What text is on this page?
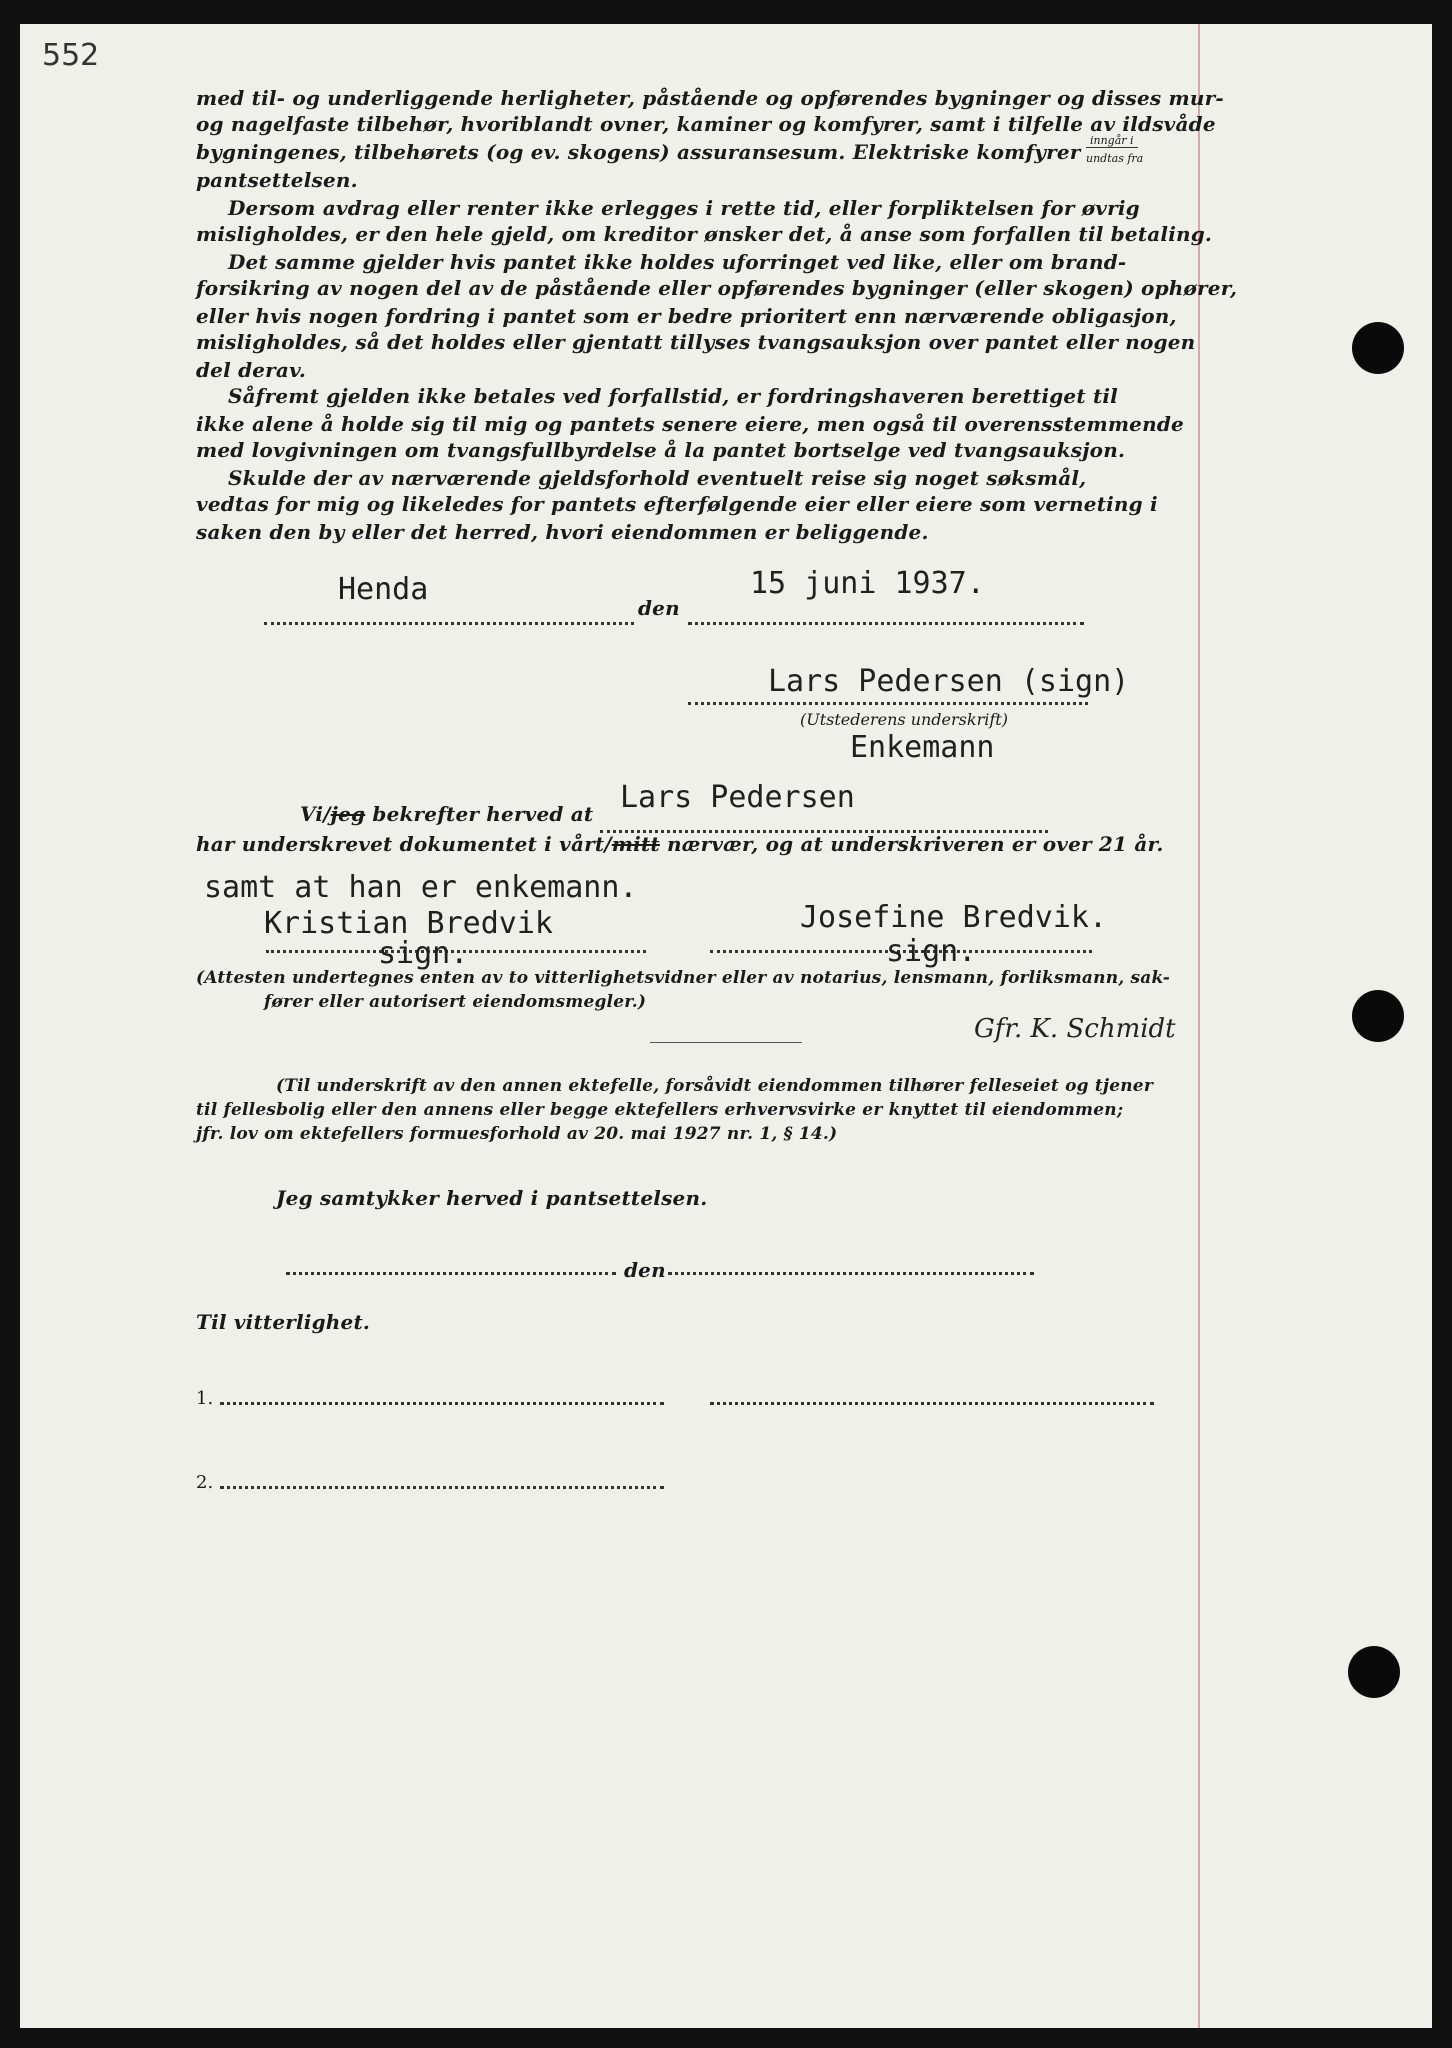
552
med til- og underliggende herligheter, påstående og opførendes bygninger og disses mur-
og nagelfaste tilbehør, hvoriblandt ovner, kaminer og komfyrer, samt i tilfelle av ildsvåde
bygningenes, tilbehørets (og ev. skogens) assuransesum. Elektriske komfyrer inngår i
undtas fra
pantsettelsen.
Dersom avdrag eller renter ikke erlegges i rette tid, eller forpliktelsen for øvrig
misligholdes, er den hele gjeld, om kreditor ønsker det, å anse som forfallen til betaling.
Det samme gjelder hvis pantet ikke holdes uforringet ved like, eller om brand-
forsikring av nogen del av de påstående eller opførendes bygninger (eller skogen) ophører,
eller hvis nogen fordring i pantet som er bedre prioritert enn nærværende obligasjon,
misligholdes, så det holdes eller gjentatt tillyses tvangsauksjon over pantet eller nogen
del derav.
Såfremt gjelden ikke betales ved forfallstid, er fordringshaveren berettiget til
ikke alene å holde sig til mig og pantets senere eiere, men også til overensstemmende
med lovgivningen om tvangsfullbyrdelse å la pantet bortselge ved tvangsauksjon.
Skulde der av nærværende gjeldsforhold eventuelt reise sig noget søksmål,
vedtas for mig og likeledes for pantets efterfølgende eier eller eiere som verneting i
saken den by eller det herred, hvori eiendommen er beliggende.
Henda
den
15 juni 1937.
Lars Pedersen (sign)
(Utstederens underskrift)
Enkemann
Vi/jeg bekrefter herved at Lars Pedersen
har underskrevet dokumentet i vårt/mitt nærvær, og at underskriveren er over 21 år.
samt at han er enkemann.
Kristian Bredvik
sign.
Josefine Bredvik.
sign.
(Attesten undertegnes enten av to vitterlighetsvidner eller av notarius, lensmann, forliksmann, sak-
fører eller autorisert eiendomsmegler.)
Gfr. K. Schmidt
(Til underskrift av den annen ektefelle, forsåvidt eiendommen tilhører felleseiet og tjener
til fellesbolig eller den annens eller begge ektefellers erhvervsvirke er knyttet til eiendommen;
jfr. lov om ektefellers formuesforhold av 20. mai 1927 nr. 1, § 14.)
Jeg samtykker herved i pantsettelsen.
den
Til vitterlighet.
1.
2.
